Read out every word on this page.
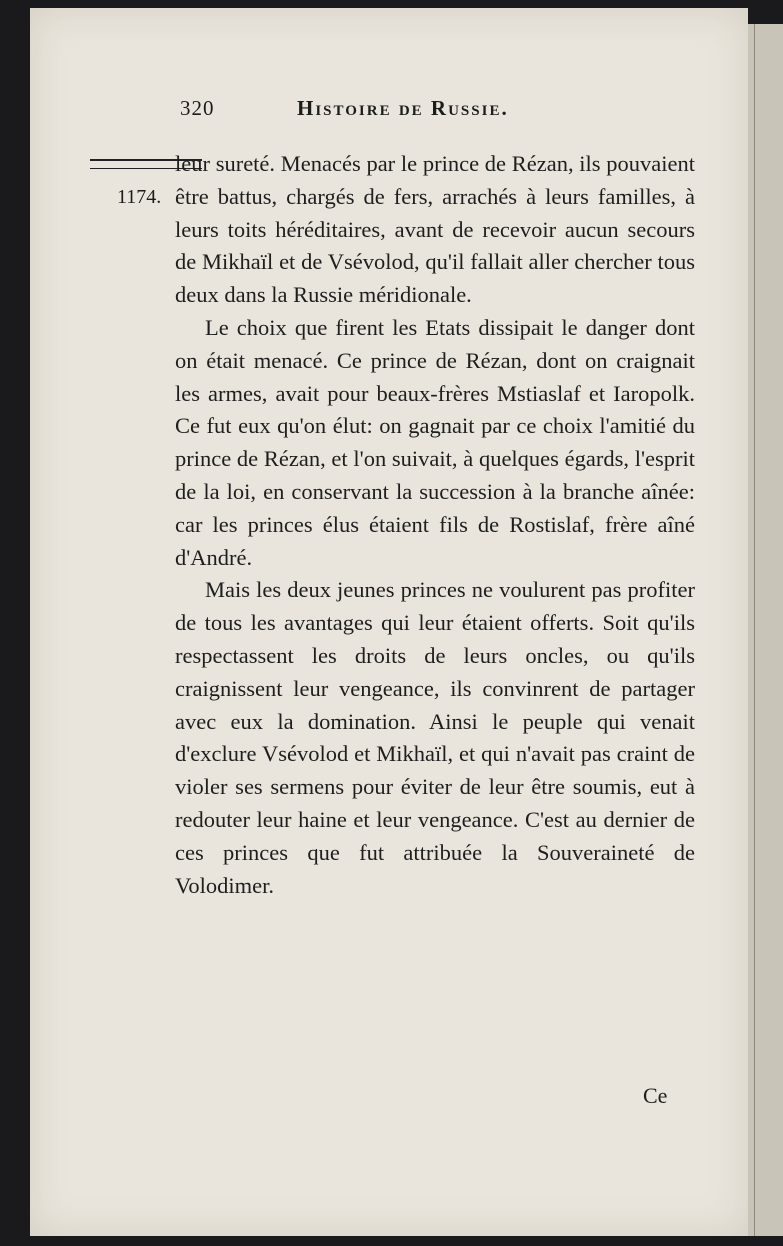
320	Histoire de Russie.
1174.

leur sureté. Menacés par le prince de Rézan, ils pouvaient être battus, chargés de fers, arrachés à leurs familles, à leurs toits héréditaires, avant de recevoir aucun secours de Mikhaïl et de Vsévolod, qu'il fallait aller chercher tous deux dans la Russie méridionale.

Le choix que firent les Etats dissipait le danger dont on était menacé. Ce prince de Rézan, dont on craignait les armes, avait pour beaux-frères Mstiaslaf et Iaropolk. Ce fut eux qu'on élut: on gagnait par ce choix l'amitié du prince de Rézan, et l'on suivait, à quelques égards, l'esprit de la loi, en conservant la succession à la branche aînée: car les princes élus étaient fils de Rostislaf, frère aîné d'André.

Mais les deux jeunes princes ne voulurent pas profiter de tous les avantages qui leur étaient offerts. Soit qu'ils respectassent les droits de leurs oncles, ou qu'ils craignissent leur vengeance, ils convinrent de partager avec eux la domination. Ainsi le peuple qui venait d'exclure Vsévolod et Mikhaïl, et qui n'avait pas craint de violer ses sermens pour éviter de leur être soumis, eut à redouter leur haine et leur vengeance. C'est au dernier de ces princes que fut attribuée la Souveraineté de Volodimer.

Ce
